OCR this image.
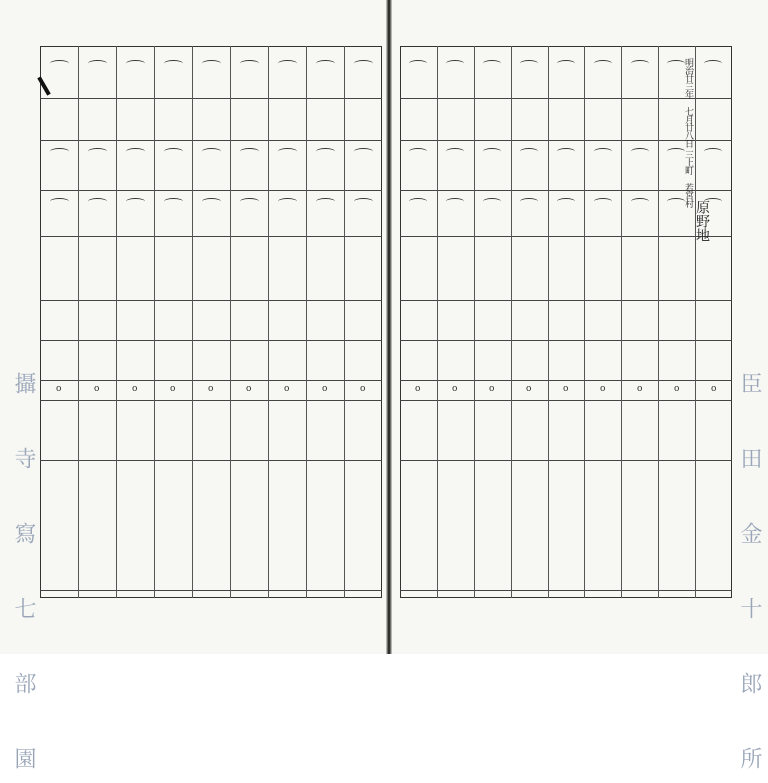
o	o	o	o	o	o	o	o	o
攝 寺 寫 七 部 園	o	o	o	o	o	o	o	o	o
明治廿三年 七月廿八日
三上町 若宮村
原野地
臣 田 金 十 郎 所
